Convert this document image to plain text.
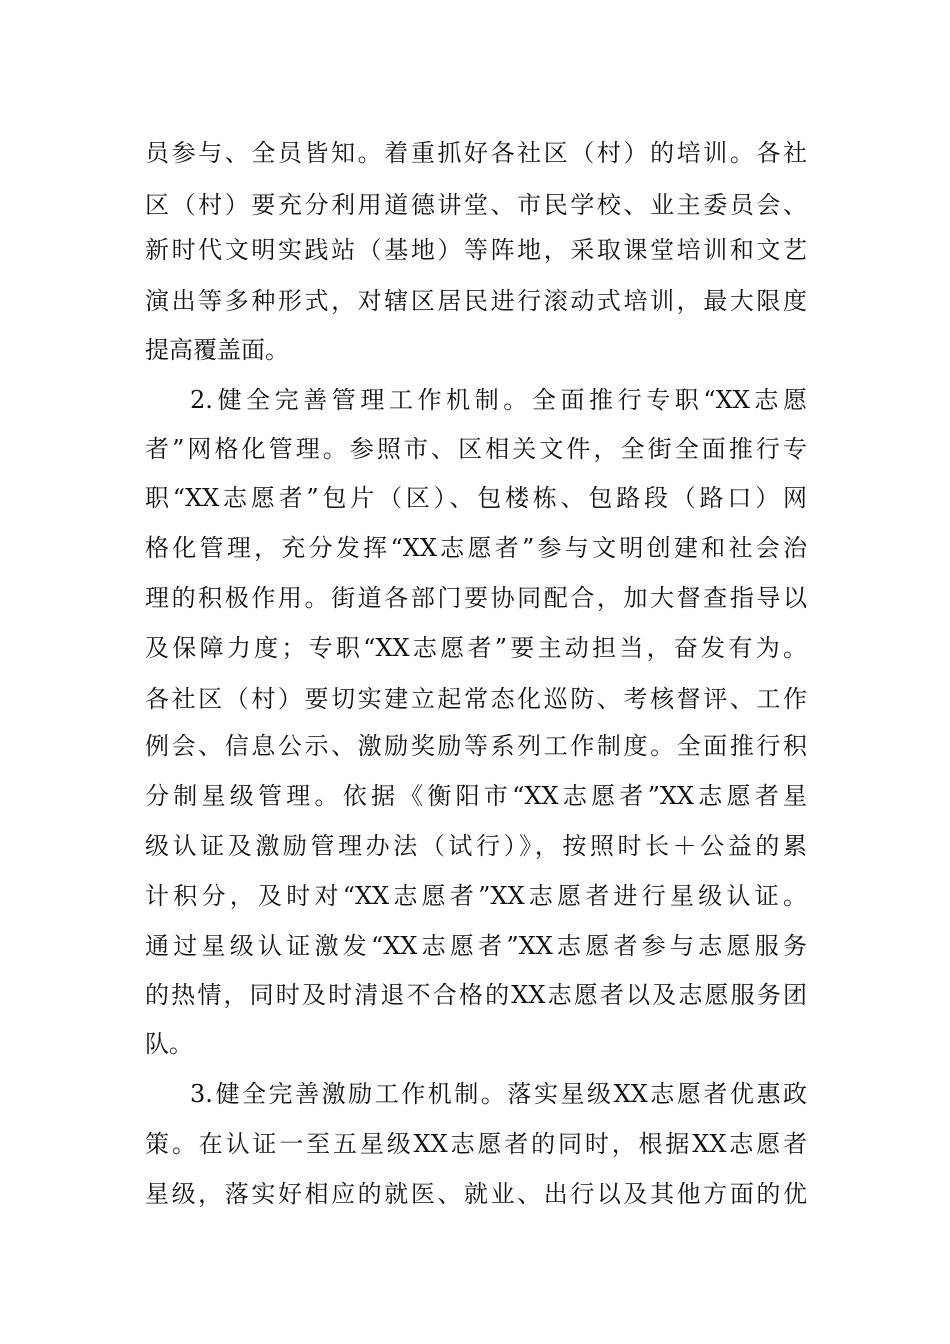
员参与、全员皆知。着重抓好各社区（村）的培训。各社

区（村）要充分利用道德讲堂、市民学校、业主委员会、

新时代文明实践站（基地）等阵地，采取课堂培训和文艺

演出等多种形式，对辖区居民进行滚动式培训，最大限度

提高覆盖面。

2.健全完善管理工作机制。全面推行专职“XX志愿

者”网格化管理。参照市、区相关文件，全街全面推行专

职“XX志愿者”包片（区）、包楼栋、包路段（路口）网

格化管理，充分发挥“XX志愿者”参与文明创建和社会治

理的积极作用。街道各部门要协同配合，加大督查指导以

及保障力度；专职“XX志愿者”要主动担当，奋发有为。

各社区（村）要切实建立起常态化巡防、考核督评、工作

例会、信息公示、激励奖励等系列工作制度。全面推行积

分制星级管理。依据《衡阳市“XX志愿者”XX志愿者星

级认证及激励管理办法（试行）》，按照时长＋公益的累

计积分，及时对“XX志愿者”XX志愿者进行星级认证。

通过星级认证激发“XX志愿者”XX志愿者参与志愿服务

的热情，同时及时清退不合格的XX志愿者以及志愿服务团

队。

3.健全完善激励工作机制。落实星级XX志愿者优惠政

策。在认证一至五星级XX志愿者的同时，根据XX志愿者

星级，落实好相应的就医、就业、出行以及其他方面的优
